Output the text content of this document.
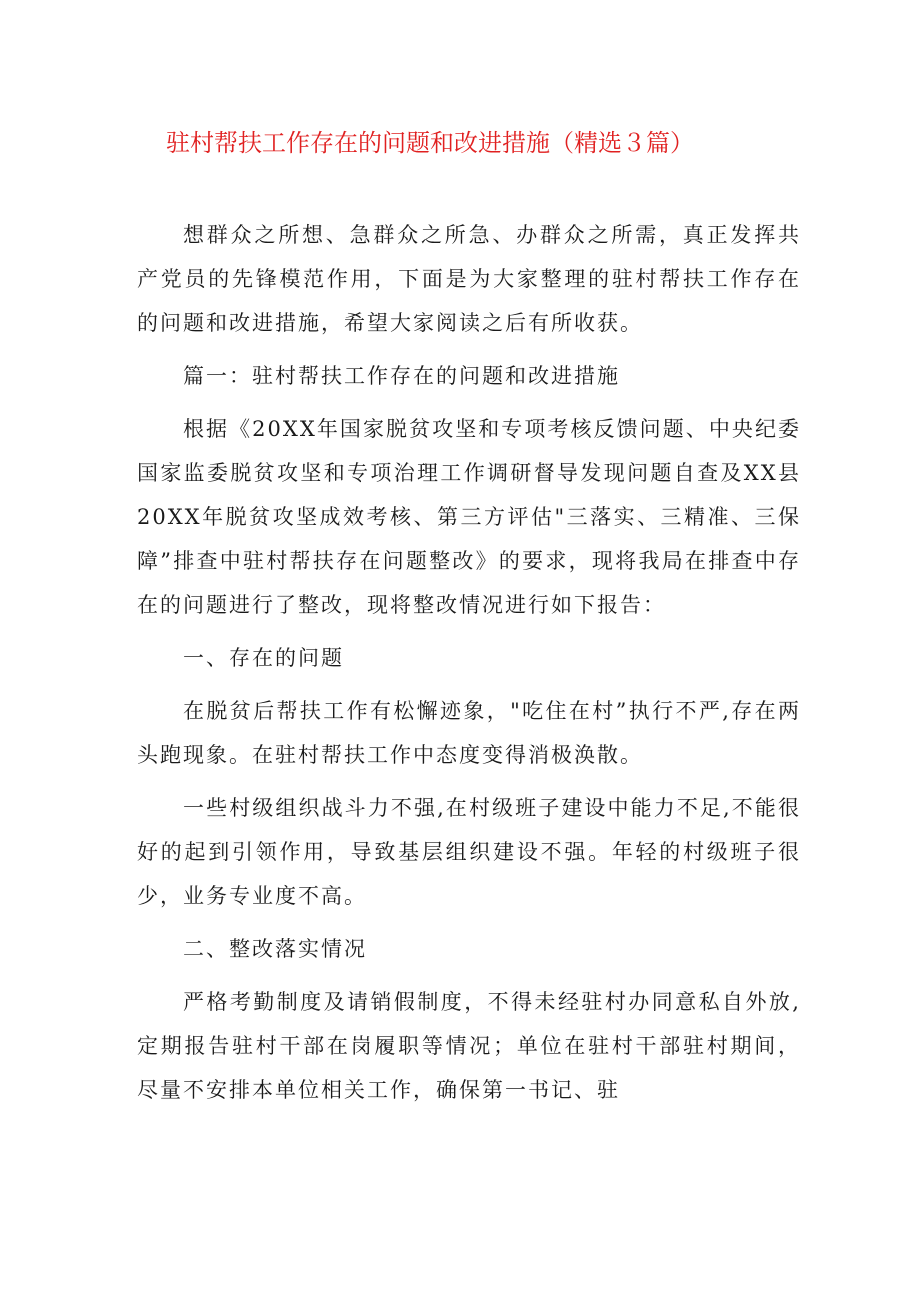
驻村帮扶工作存在的问题和改进措施（精选３篇）

想群众之所想、急群众之所急、办群众之所需，真正发挥共产党员的先锋模范作用，下面是为大家整理的驻村帮扶工作存在的问题和改进措施，希望大家阅读之后有所收获。

篇一：驻村帮扶工作存在的问题和改进措施

根据《20XX年国家脱贫攻坚和专项考核反馈问题、中央纪委国家监委脱贫攻坚和专项治理工作调研督导发现问题自查及XX县20XX年脱贫攻坚成效考核、第三方评估"三落实、三精准、三保障”排查中驻村帮扶存在问题整改》的要求，现将我局在排查中存在的问题进行了整改，现将整改情况进行如下报告：

一、存在的问题

在脱贫后帮扶工作有松懈迹象，"吃住在村”执行不严,存在两头跑现象。在驻村帮扶工作中态度变得消极涣散。

一些村级组织战斗力不强,在村级班子建设中能力不足,不能很好的起到引领作用，导致基层组织建设不强。年轻的村级班子很少，业务专业度不高。

二、整改落实情况

严格考勤制度及请销假制度，不得未经驻村办同意私自外放,定期报告驻村干部在岗履职等情况；单位在驻村干部驻村期间，尽量不安排本单位相关工作，确保第一书记、驻
